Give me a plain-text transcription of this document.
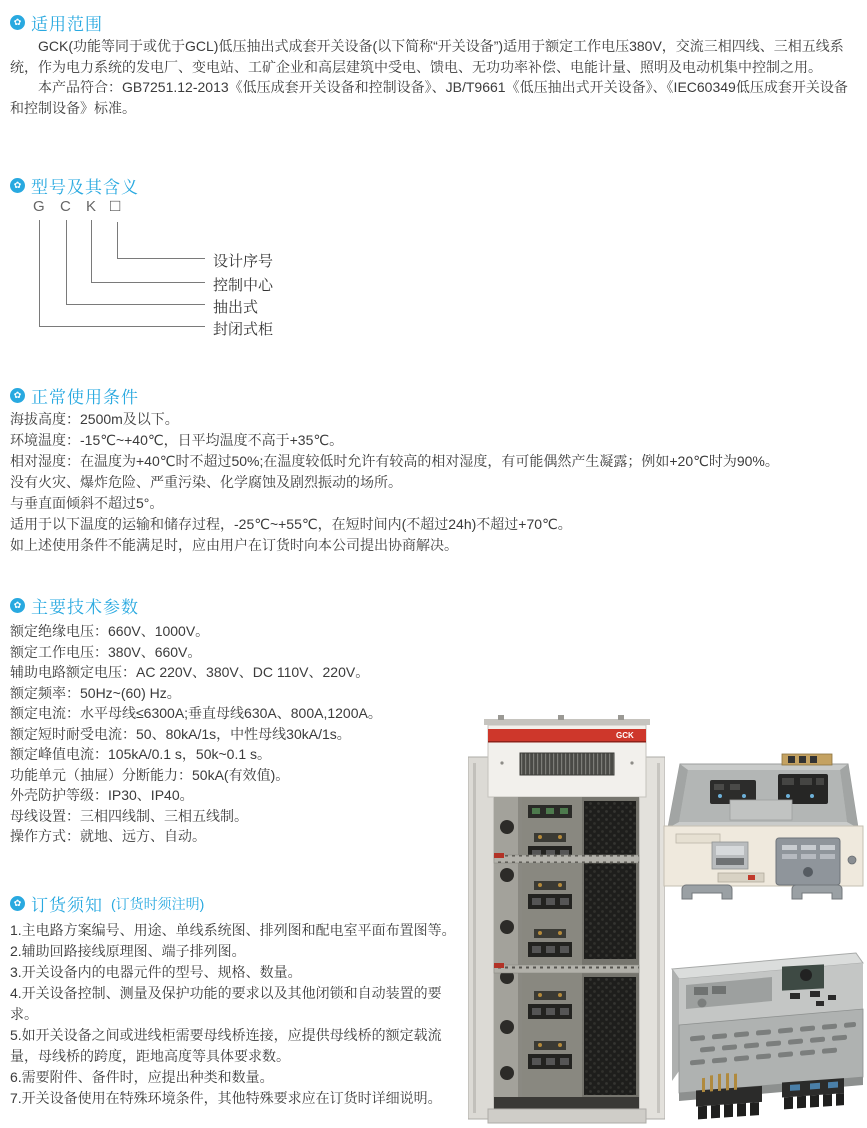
✿ 适用范围

GCK(功能等同于或优于GCL)低压抽出式成套开关设备(以下简称“开关设备”)适用于额定工作电压380V，交流三相四线、三相五线系统，作为电力系统的发电厂、变电站、工矿企业和高层建筑中受电、馈电、无功功率补偿、电能计量、照明及电动机集中控制之用。

本产品符合：GB7251.12-2013《低压成套开关设备和控制设备》、JB/T9661《低压抽出式开关设备》、《IEC60349低压成套开关设备和控制设备》标准。

✿ 型号及其含义
G C K □
设计序号
控制中心
抽出式
封闭式柜
✿ 正常使用条件
海拔高度：2500m及以下。
环境温度：-15℃~+40℃，日平均温度不高于+35℃。
相对湿度：在温度为+40℃时不超过50%;在温度较低时允许有较高的相对湿度，有可能偶然产生凝露；例如+20℃时为90%。
没有火灾、爆炸危险、严重污染、化学腐蚀及剧烈振动的场所。
与垂直面倾斜不超过5°。
适用于以下温度的运输和储存过程，-25℃~+55℃，在短时间内(不超过24h)不超过+70℃。
如上述使用条件不能满足时，应由用户在订货时向本公司提出协商解决。
✿ 主要技术参数
额定绝缘电压：660V、1000V。
额定工作电压：380V、660V。
辅助电路额定电压：AC 220V、380V、DC 110V、220V。
额定频率：50Hz~(60) Hz。
额定电流：水平母线≤6300A;垂直母线630A、800A,1200A。
额定短时耐受电流：50、80kA/1s，中性母线30kA/1s。
额定峰值电流：105kA/0.1 s，50k~0.1 s。
功能单元（抽屉）分断能力：50kA(有效值)。
外壳防护等级：IP30、IP40。
母线设置：三相四线制、三相五线制。
操作方式：就地、远方、自动。
✿ 订货须知 (订货时须注明)
1.主电路方案编号、用途、单线系统图、排列图和配电室平面布置图等。
2.辅助回路接线原理图、端子排列图。
3.开关设备内的电器元件的型号、规格、数量。
4.开关设备控制、测量及保护功能的要求以及其他闭锁和自动装置的要求。
5.如开关设备之间或进线柜需要母线桥连接，应提供母线桥的额定载流量，母线桥的跨度，距地高度等具体要求数。
6.需要附件、备件时，应提出种类和数量。
7.开关设备使用在特殊环境条件，其他特殊要求应在订货时详细说明。
GCK
